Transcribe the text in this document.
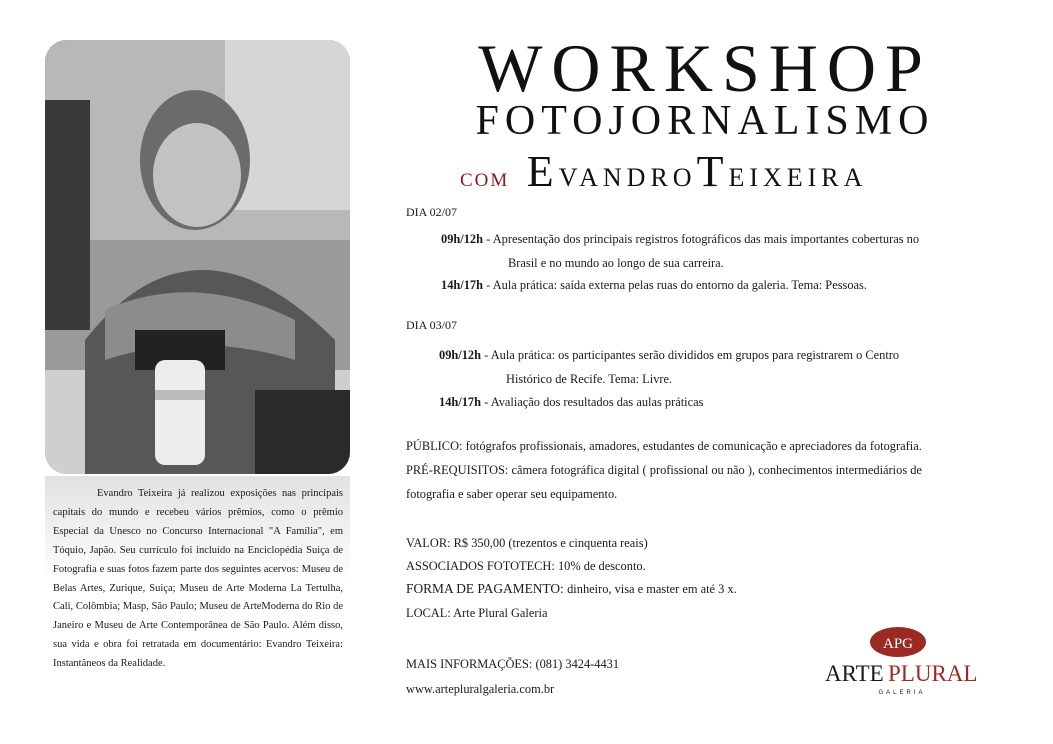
Evandro Teixeira já realizou exposições nas principais capitais do mundo e recebeu vários prêmios, como o prêmio Especial da Unesco no Concurso Internacional "A Família", em Tóquio, Japão. Seu currículo foi incluído na Enciclopédia Suiça de Fotografia e suas fotos fazem parte dos seguintes acervos: Museu de Belas Artes, Zurique, Suiça; Museu de Arte Moderna La Tertulha, Cali, Colômbia; Masp, São Paulo; Museu de ArteModerna do Rio de Janeiro e Museu de Arte Contemporânea de São Paulo. Além disso, sua vida e obra foi retratada em documentário: Evandro Teixeira: Instantâneos da Realidade.
WORKSHOP
FOTOJORNALISMO
COM EVANDROTEIXEIRA
DIA 02/07
09h/12h - Apresentação dos principais registros fotográficos das mais importantes coberturas no
Brasil e no mundo ao longo de sua carreira.
14h/17h - Aula prática: saída externa pelas ruas do entorno da galeria. Tema: Pessoas.
DIA 03/07
09h/12h - Aula prática: os participantes serão divididos em grupos para registrarem o Centro
Histórico de Recife. Tema: Livre.
14h/17h - Avaliação dos resultados das aulas práticas
PÚBLICO: fotógrafos profissionais, amadores, estudantes de comunicação e apreciadores da fotografia.
PRÉ-REQUISITOS: câmera fotográfica digital ( profissional ou não ), conhecimentos intermediários de
fotografia e saber operar seu equipamento.
VALOR: R$ 350,00 (trezentos e cinquenta reais)
ASSOCIADOS FOTOTECH: 10% de desconto.
FORMA DE PAGAMENTO: dinheiro, visa e master em até 3 x.
LOCAL: Arte Plural Galeria
MAIS INFORMAÇÕES: (081) 3424-4431
www.artepluralgaleria.com.br
APG
ARTE PLURAL
GALERIA
